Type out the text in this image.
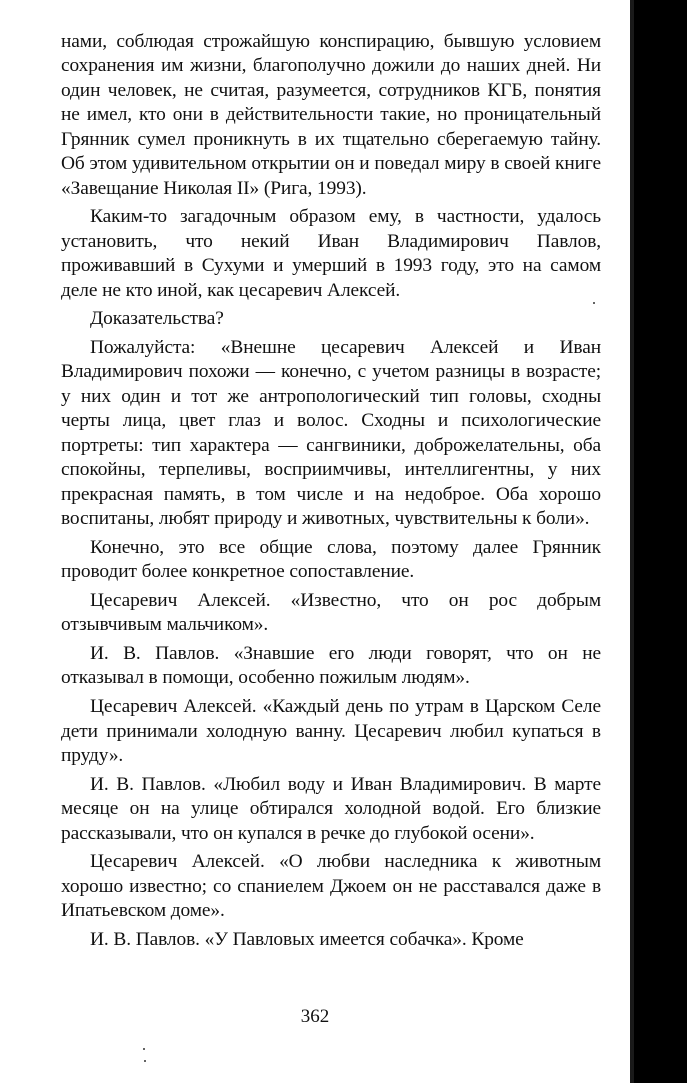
нами, соблюдая строжайшую конспирацию, бывшую условием сохранения им жизни, благополучно дожили до наших дней. Ни один человек, не считая, разумеется, сотрудников КГБ, понятия не имел, кто они в действительности такие, но проницательный Грянник сумел проникнуть в их тщательно сберегаемую тайну. Об этом удивительном открытии он и поведал миру в своей книге «Завещание Николая II» (Рига, 1993).

Каким-то загадочным образом ему, в частности, удалось установить, что некий Иван Владимирович Павлов, проживавший в Сухуми и умерший в 1993 году, это на самом деле не кто иной, как цесаревич Алексей.

Доказательства?

Пожалуйста: «Внешне цесаревич Алексей и Иван Владимирович похожи — конечно, с учетом разницы в возрасте; у них один и тот же антропологический тип головы, сходны черты лица, цвет глаз и волос. Сходны и психологические портреты: тип характера — сангвиники, доброжелательны, оба спокойны, терпеливы, восприимчивы, интеллигентны, у них прекрасная память, в том числе и на недоброе. Оба хорошо воспитаны, любят природу и животных, чувствительны к боли».

Конечно, это все общие слова, поэтому далее Грянник проводит более конкретное сопоставление.

Цесаревич Алексей. «Известно, что он рос добрым отзывчивым мальчиком».

И. В. Павлов. «Знавшие его люди говорят, что он не отказывал в помощи, особенно пожилым людям».

Цесаревич Алексей. «Каждый день по утрам в Царском Селе дети принимали холодную ванну. Цесаревич любил купаться в пруду».

И. В. Павлов. «Любил воду и Иван Владимирович. В марте месяце он на улице обтирался холодной водой. Его близкие рассказывали, что он купался в речке до глубокой осени».

Цесаревич Алексей. «О любви наследника к животным хорошо известно; со спаниелем Джоем он не расставался даже в Ипатьевском доме».

И. В. Павлов. «У Павловых имеется собачка». Кроме

362
